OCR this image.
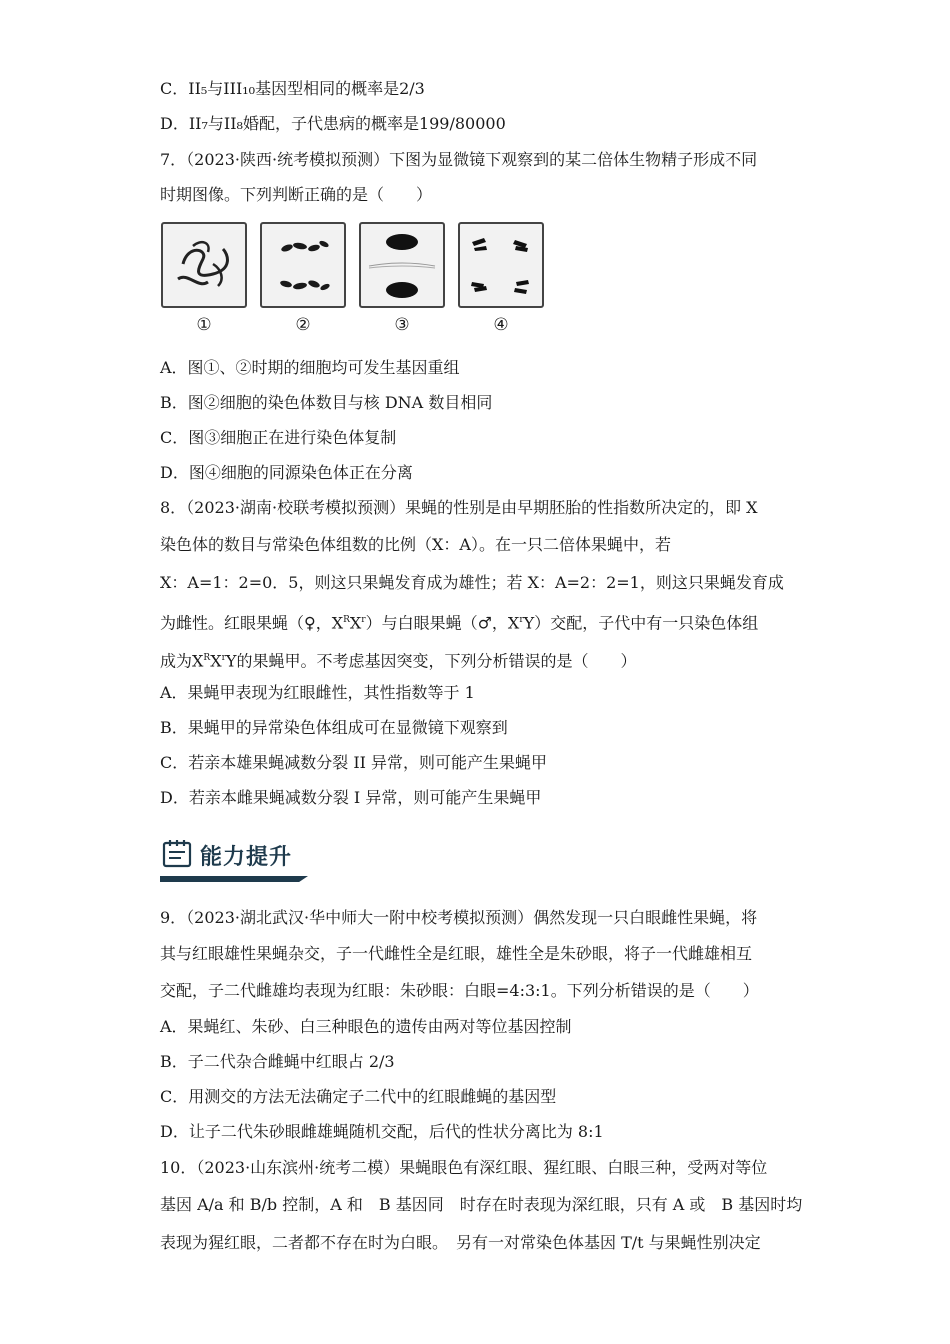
C．II₅与III₁₀基因型相同的概率是2/3
D．II₇与II₈婚配，子代患病的概率是199/80000
7．（2023·陕西·统考模拟预测）下图为显微镜下观察到的某二倍体生物精子形成不同
时期图像。下列判断正确的是（　　）
①	②	③	④
A．图①、②时期的细胞均可发生基因重组
B．图②细胞的染色体数目与核 DNA 数目相同
C．图③细胞正在进行染色体复制
D．图④细胞的同源染色体正在分离
8．（2023·湖南·校联考模拟预测）果蝇的性别是由早期胚胎的性指数所决定的，即 X
染色体的数目与常染色体组数的比例（X：A）。在一只二倍体果蝇中，若
X：A=1：2=0．5，则这只果蝇发育成为雄性；若 X：A=2：2=1，则这只果蝇发育成
为雌性。红眼果蝇（♀，$X^RX^r$）与白眼果蝇（♂，$X^rY$）交配，子代中有一只染色体组
成为$X^RX^rY$的果蝇甲。不考虑基因突变，下列分析错误的是（　　）
A．果蝇甲表现为红眼雌性，其性指数等于 1
B．果蝇甲的异常染色体组成可在显微镜下观察到
C．若亲本雄果蝇减数分裂 II 异常，则可能产生果蝇甲
D．若亲本雌果蝇减数分裂 I 异常，则可能产生果蝇甲
能力提升
9．（2023·湖北武汉·华中师大一附中校考模拟预测）偶然发现一只白眼雌性果蝇，将
其与红眼雄性果蝇杂交，子一代雌性全是红眼，雄性全是朱砂眼，将子一代雌雄相互
交配，子二代雌雄均表现为红眼：朱砂眼：白眼=4:3:1。下列分析错误的是（　　）
A．果蝇红、朱砂、白三种眼色的遗传由两对等位基因控制
B．子二代杂合雌蝇中红眼占 2/3
C．用测交的方法无法确定子二代中的红眼雌蝇的基因型
D．让子二代朱砂眼雌雄蝇随机交配，后代的性状分离比为 8:1
10．（2023·山东滨州·统考二模）果蝇眼色有深红眼、猩红眼、白眼三种，受两对等位
基因 A/a 和 B/b 控制，A 和　B 基因同　时存在时表现为深红眼，只有 A 或　B 基因时均
表现为猩红眼，二者都不存在时为白眼。　另有一对常染色体基因 T/t 与果蝇性别决定
